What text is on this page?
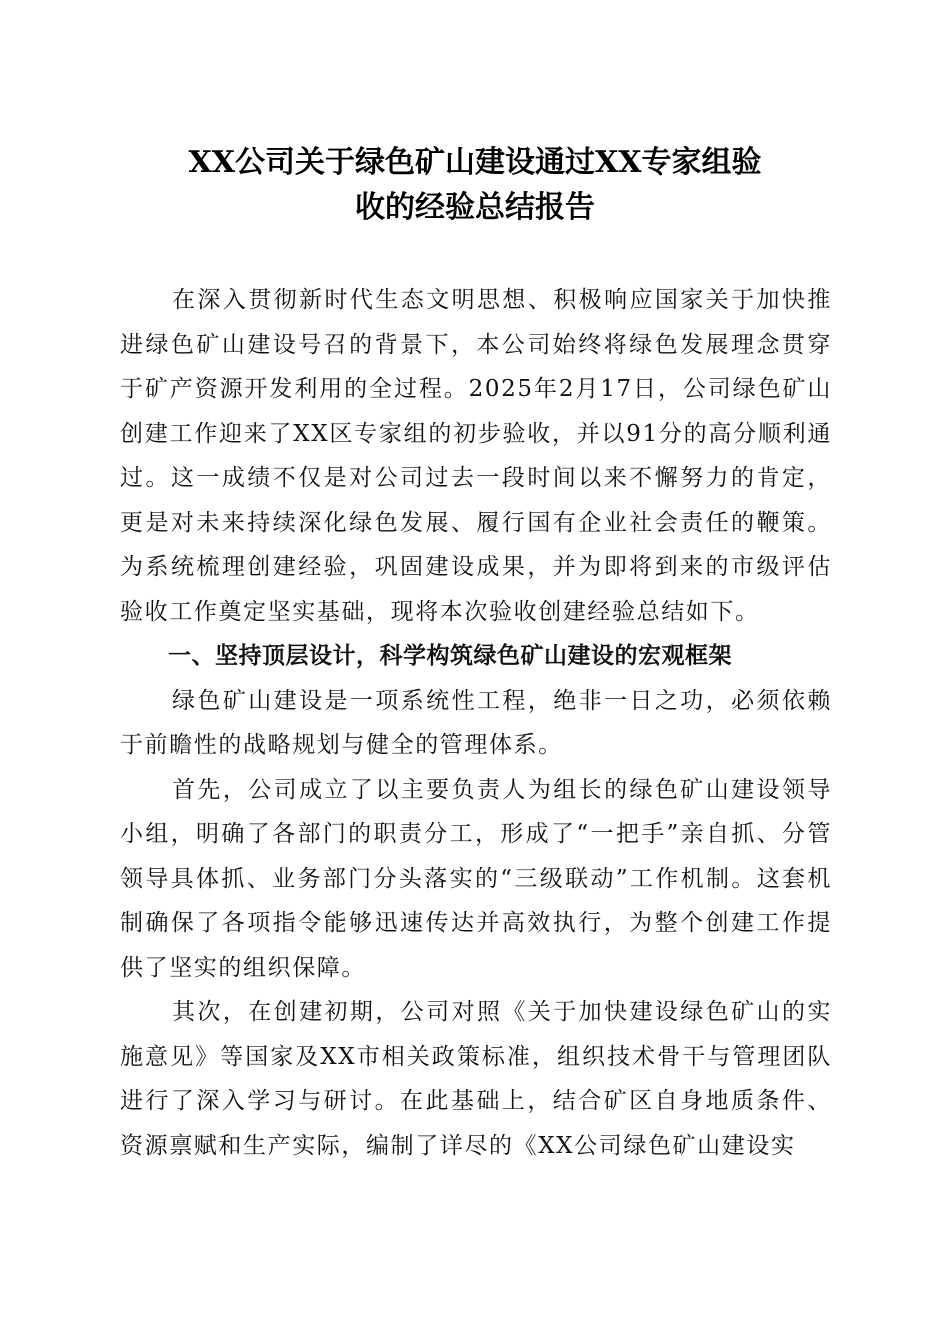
XX公司关于绿色矿山建设通过XX专家组验
收的经验总结报告

在深入贯彻新时代生态文明思想、积极响应国家关于加快推进绿色矿山建设号召的背景下，本公司始终将绿色发展理念贯穿于矿产资源开发利用的全过程。2025年2月17日，公司绿色矿山创建工作迎来了XX区专家组的初步验收，并以91分的高分顺利通过。这一成绩不仅是对公司过去一段时间以来不懈努力的肯定，更是对未来持续深化绿色发展、履行国有企业社会责任的鞭策。为系统梳理创建经验，巩固建设成果，并为即将到来的市级评估验收工作奠定坚实基础，现将本次验收创建经验总结如下。

一、坚持顶层设计，科学构筑绿色矿山建设的宏观框架

绿色矿山建设是一项系统性工程，绝非一日之功，必须依赖于前瞻性的战略规划与健全的管理体系。

首先，公司成立了以主要负责人为组长的绿色矿山建设领导小组，明确了各部门的职责分工，形成了“一把手”亲自抓、分管领导具体抓、业务部门分头落实的“三级联动”工作机制。这套机制确保了各项指令能够迅速传达并高效执行，为整个创建工作提供了坚实的组织保障。

其次，在创建初期，公司对照《关于加快建设绿色矿山的实施意见》等国家及XX市相关政策标准，组织技术骨干与管理团队进行了深入学习与研讨。在此基础上，结合矿区自身地质条件、资源禀赋和生产实际，编制了详尽的《XX公司绿色矿山建设实
